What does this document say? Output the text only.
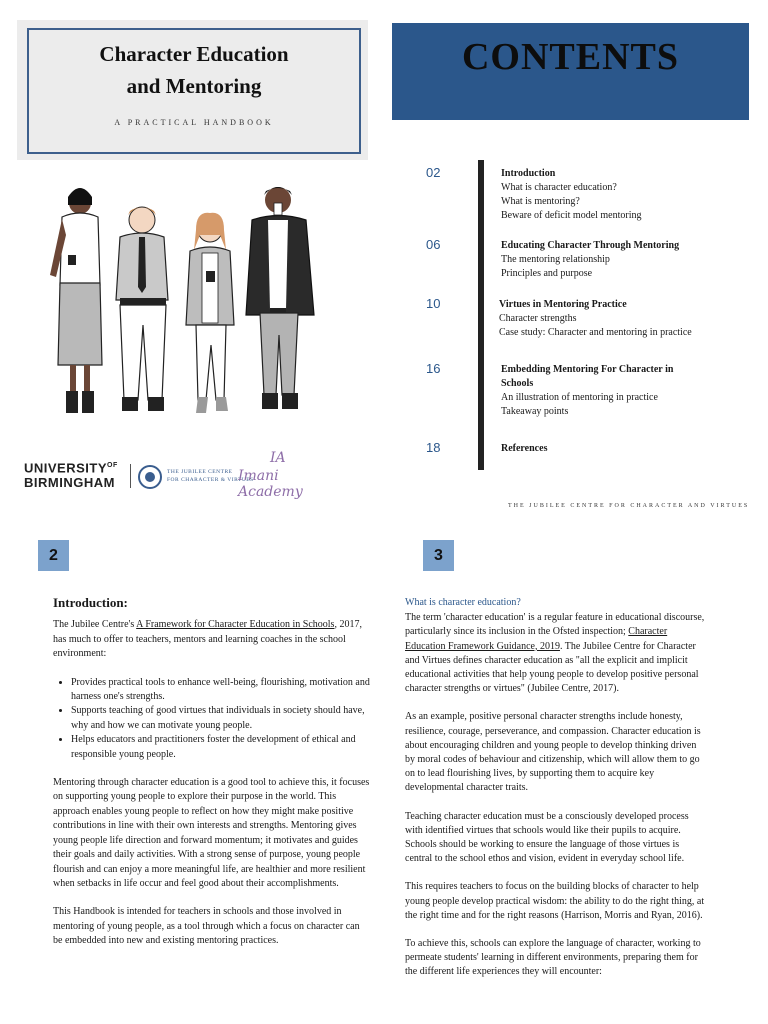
Character Education
and Mentoring
A PRACTICAL HANDBOOK
$UNIVERSITY^{OF}$
BIRMINGHAM
THE JUBILEE CENTRE
FOR CHARACTER & VIRTUES
IA
Imani Academy
CONTENTS
02	Introduction
What is character education?
What is mentoring?
Beware of deficit model mentoring
06	Educating Character Through Mentoring
The mentoring relationship
Principles and purpose
10	Virtues in Mentoring Practice
Character strengths
Case study: Character and mentoring in practice
16	Embedding Mentoring For Character in Schools
An illustration of mentoring in practice
Takeaway points
18	References
THE JUBILEE CENTRE FOR CHARACTER AND VIRTUES
2	3
Introduction:

The Jubilee Centre's A Framework for Character Education in Schools, 2017, has much to offer to teachers, mentors and learning coaches in the school environment:

• Provides practical tools to enhance well-being, flourishing, motivation and harness one's strengths.
• Supports teaching of good virtues that individuals in society should have, why and how we can motivate young people.
• Helps educators and practitioners foster the development of ethical and responsible young people.

Mentoring through character education is a good tool to achieve this, it focuses on supporting young people to explore their purpose in the world. This approach enables young people to reflect on how they might make positive contributions in line with their own interests and strengths. Mentoring gives young people life direction and forward momentum; it motivates and guides their goals and daily activities. With a strong sense of purpose, young people flourish and can enjoy a more meaningful life, are healthier and more resilient when setbacks in life occur and feel good about their accomplishments.

This Handbook is intended for teachers in schools and those involved in mentoring of young people, as a tool through which a focus on character can be embedded into new and existing mentoring practices.

What is character education?

The term 'character education' is a regular feature in educational discourse, particularly since its inclusion in the Ofsted inspection; Character Education Framework Guidance, 2019. The Jubilee Centre for Character and Virtues defines character education as "all the explicit and implicit educational activities that help young people to develop positive personal character strengths or virtues" (Jubilee Centre, 2017).

As an example, positive personal character strengths include honesty, resilience, courage, perseverance, and compassion. Character education is about encouraging children and young people to develop thinking driven by moral codes of behaviour and citizenship, which will allow them to go on to lead flourishing lives, by supporting them to acquire key developmental character traits.

Teaching character education must be a consciously developed process with identified virtues that schools would like their pupils to acquire. Schools should be working to ensure the language of those virtues is central to the school ethos and vision, evident in everyday school life.

This requires teachers to focus on the building blocks of character to help young people develop practical wisdom: the ability to do the right thing, at the right time and for the right reasons (Harrison, Morris and Ryan, 2016).

To achieve this, schools can explore the language of character, working to permeate students' learning in different environments, preparing them for the different life experiences they will encounter:
